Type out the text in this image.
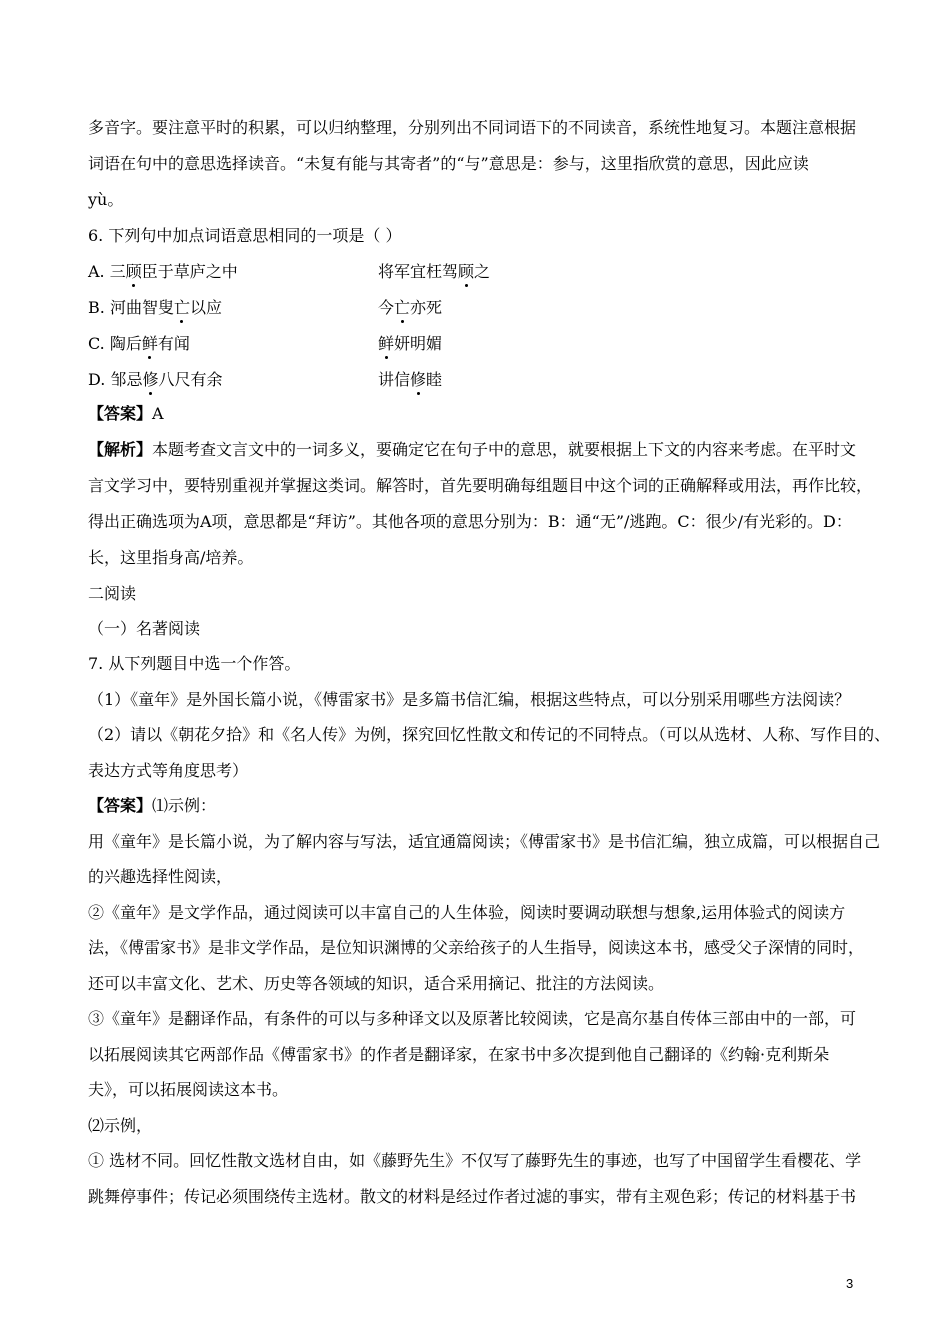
多音字。要注意平时的积累，可以归纳整理，分别列出不同词语下的不同读音，系统性地复习。本题注意根据
词语在句中的意思选择读音。“未复有能与其寄者”的“与”意思是：参与，这里指欣赏的意思，因此应读
yù。
6. 下列句中加点词语意思相同的一项是（ ）
A. 三顾臣于草庐之中	将军宜枉驾顾之
B. 河曲智叟亡以应	今亡亦死
C. 陶后鲜有闻	鲜妍明媚
D. 邹忌修八尺有余	讲信修睦
【答案】A
【解析】本题考查文言文中的一词多义，要确定它在句子中的意思，就要根据上下文的内容来考虑。在平时文
言文学习中，要特别重视并掌握这类词。解答时，首先要明确每组题目中这个词的正确解释或用法，再作比较，
得出正确选项为A项，意思都是“拜访”。其他各项的意思分别为：B：通“无”/逃跑。C：很少/有光彩的。D：
长，这里指身高/培养。
二阅读
（一）名著阅读
7. 从下列题目中选一个作答。
（1）《童年》是外国长篇小说，《傅雷家书》是多篇书信汇编，根据这些特点，可以分别采用哪些方法阅读？
（2）请以《朝花夕拾》和《名人传》为例，探究回忆性散文和传记的不同特点。（可以从选材、人称、写作目的、
表达方式等角度思考）
【答案】⑴示例：
用《童年》是长篇小说，为了解内容与写法，适宜通篇阅读；《傅雷家书》是书信汇编，独立成篇，可以根据自己
的兴趣选择性阅读，
②《童年》是文学作品，通过阅读可以丰富自己的人生体验，阅读时要调动联想与想象,运用体验式的阅读方
法，《傅雷家书》是非文学作品，是位知识渊博的父亲给孩子的人生指导，阅读这本书，感受父子深情的同时，
还可以丰富文化、艺术、历史等各领域的知识，适合采用摘记、批注的方法阅读。
③《童年》是翻译作品，有条件的可以与多种译文以及原著比较阅读，它是高尔基自传体三部由中的一部，可
以拓展阅读其它两部作品《傅雷家书》的作者是翻译家，在家书中多次提到他自己翻译的《约翰·克利斯朵
夫》，可以拓展阅读这本书。
⑵示例，
① 选材不同。回忆性散文选材自由，如《藤野先生》不仅写了藤野先生的事迹，也写了中国留学生看樱花、学
跳舞停事件；传记必须围绕传主选材。散文的材料是经过作者过滤的事实，带有主观色彩；传记的材料基于书
3
